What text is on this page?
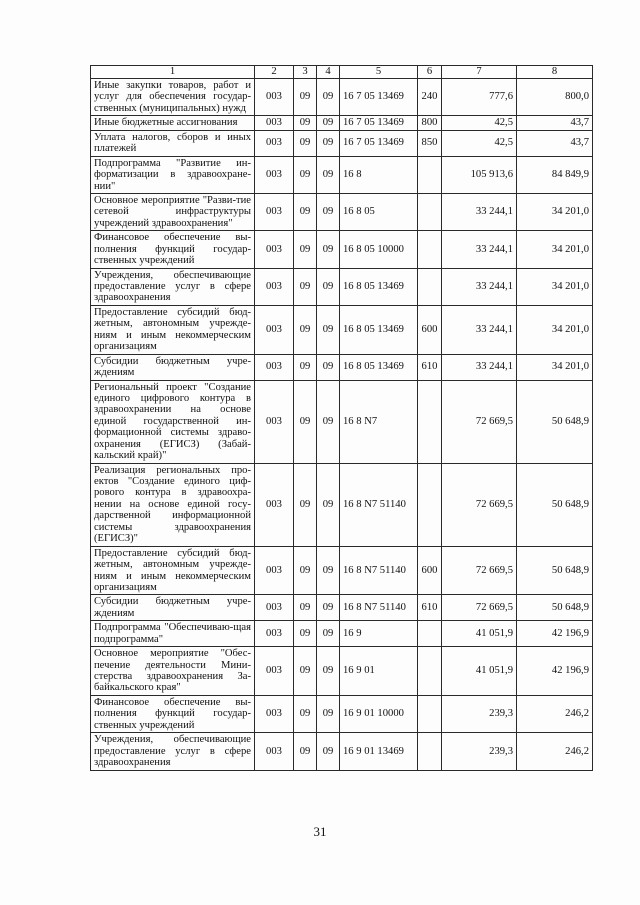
1	2	3	4	5	6	7	8
Иные закупки товаров, работ и услуг для обеспечения государ-ственных (муниципальных) нужд	003	09	09	16 7 05 13469	240	777,6	800,0
Иные бюджетные ассигнования	003	09	09	16 7 05 13469	800	42,5	43,7
Уплата налогов, сборов и иных платежей	003	09	09	16 7 05 13469	850	42,5	43,7
Подпрограмма "Развитие ин-форматизации в здравоохране-нии"	003	09	09	16 8		105 913,6	84 849,9
Основное мероприятие "Разви-тие сетевой инфраструктуры учреждений здравоохранения"	003	09	09	16 8 05		33 244,1	34 201,0
Финансовое обеспечение вы-полнения функций государ-ственных учреждений	003	09	09	16 8 05 10000		33 244,1	34 201,0
Учреждения, обеспечивающие предоставление услуг в сфере здравоохранения	003	09	09	16 8 05 13469		33 244,1	34 201,0
Предоставление субсидий бюд-жетным, автономным учрежде-ниям и иным некоммерческим организациям	003	09	09	16 8 05 13469	600	33 244,1	34 201,0
Субсидии бюджетным учре-ждениям	003	09	09	16 8 05 13469	610	33 244,1	34 201,0
Региональный проект "Создание единого цифрового контура в здравоохранении на основе единой государственной ин-формационной системы здраво-охранения (ЕГИСЗ) (Забай-кальский край)"	003	09	09	16 8 N7		72 669,5	50 648,9
Реализация региональных про-ектов "Создание единого циф-рового контура в здравоохра-нении на основе единой госу-дарственной информационной системы здравоохранения (ЕГИСЗ)"	003	09	09	16 8 N7 51140		72 669,5	50 648,9
Предоставление субсидий бюд-жетным, автономным учрежде-ниям и иным некоммерческим организациям	003	09	09	16 8 N7 51140	600	72 669,5	50 648,9
Субсидии бюджетным учре-ждениям	003	09	09	16 8 N7 51140	610	72 669,5	50 648,9
Подпрограмма "Обеспечиваю-щая подпрограмма"	003	09	09	16 9		41 051,9	42 196,9
Основное мероприятие "Обес-печение деятельности Мини-стерства здравоохранения За-байкальского края"	003	09	09	16 9 01		41 051,9	42 196,9
Финансовое обеспечение вы-полнения функций государ-ственных учреждений	003	09	09	16 9 01 10000		239,3	246,2
Учреждения, обеспечивающие предоставление услуг в сфере здравоохранения	003	09	09	16 9 01 13469		239,3	246,2
31
